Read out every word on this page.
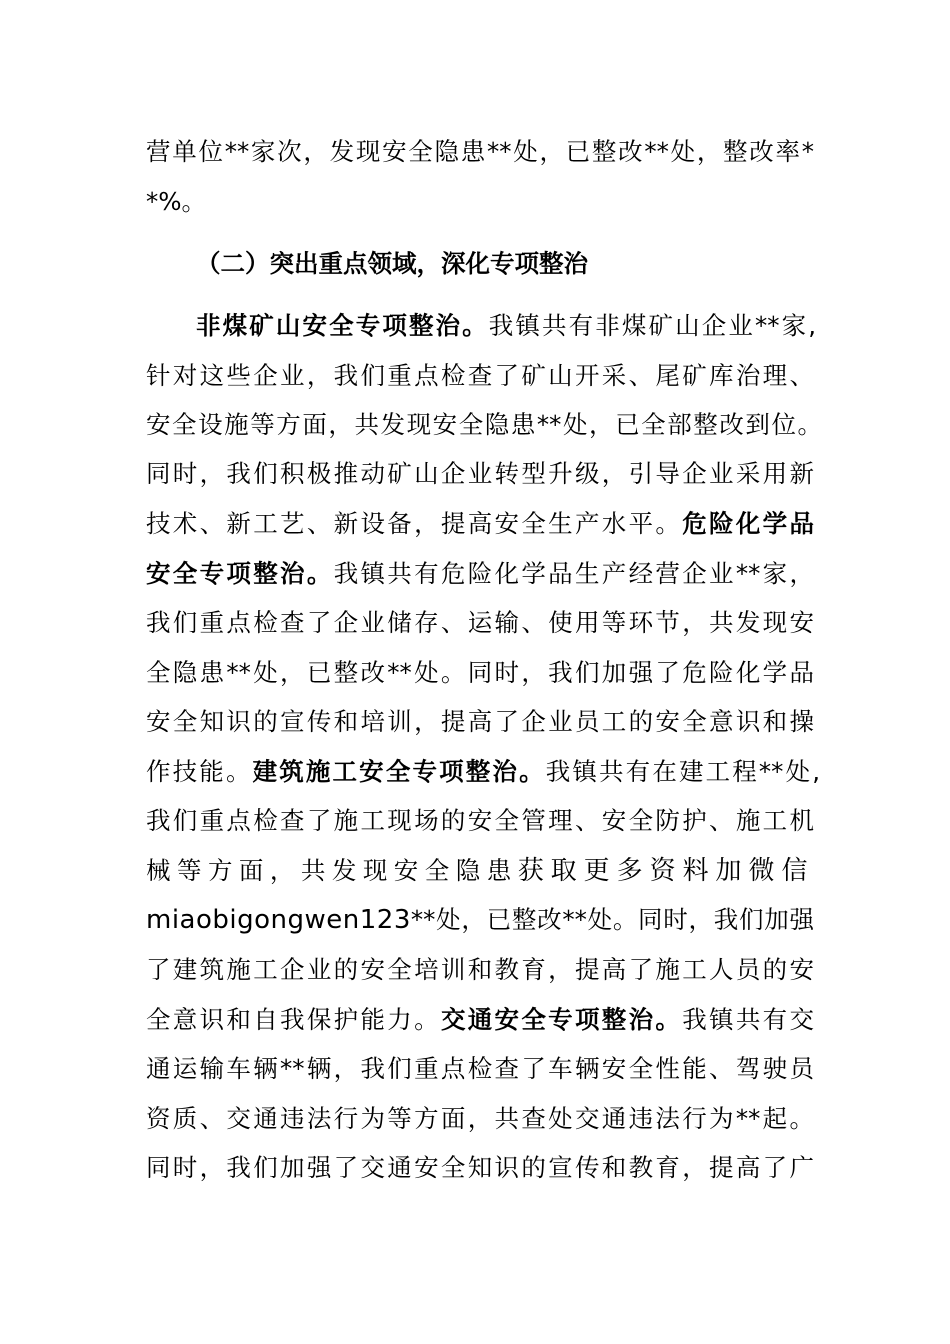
营单位**家次，发现安全隐患**处，已整改**处，整改率*
*%。
（二）突出重点领域，深化专项整治
非煤矿山安全专项整治。我镇共有非煤矿山企业**家,
针对这些企业，我们重点检查了矿山开采、尾矿库治理、
安全设施等方面，共发现安全隐患**处，已全部整改到位。
同时，我们积极推动矿山企业转型升级，引导企业采用新
技术、新工艺、新设备，提高安全生产水平。危险化学品
安全专项整治。我镇共有危险化学品生产经营企业**家，
我们重点检查了企业储存、运输、使用等环节，共发现安
全隐患**处，已整改**处。同时，我们加强了危险化学品
安全知识的宣传和培训，提高了企业员工的安全意识和操
作技能。建筑施工安全专项整治。我镇共有在建工程**处,
我们重点检查了施工现场的安全管理、安全防护、施工机
械等方面，共发现安全隐患获取更多资料加微信
miaobigongwen123**处，已整改**处。同时，我们加强
了建筑施工企业的安全培训和教育，提高了施工人员的安
全意识和自我保护能力。交通安全专项整治。我镇共有交
通运输车辆**辆，我们重点检查了车辆安全性能、驾驶员
资质、交通违法行为等方面，共查处交通违法行为**起。
同时，我们加强了交通安全知识的宣传和教育，提高了广
